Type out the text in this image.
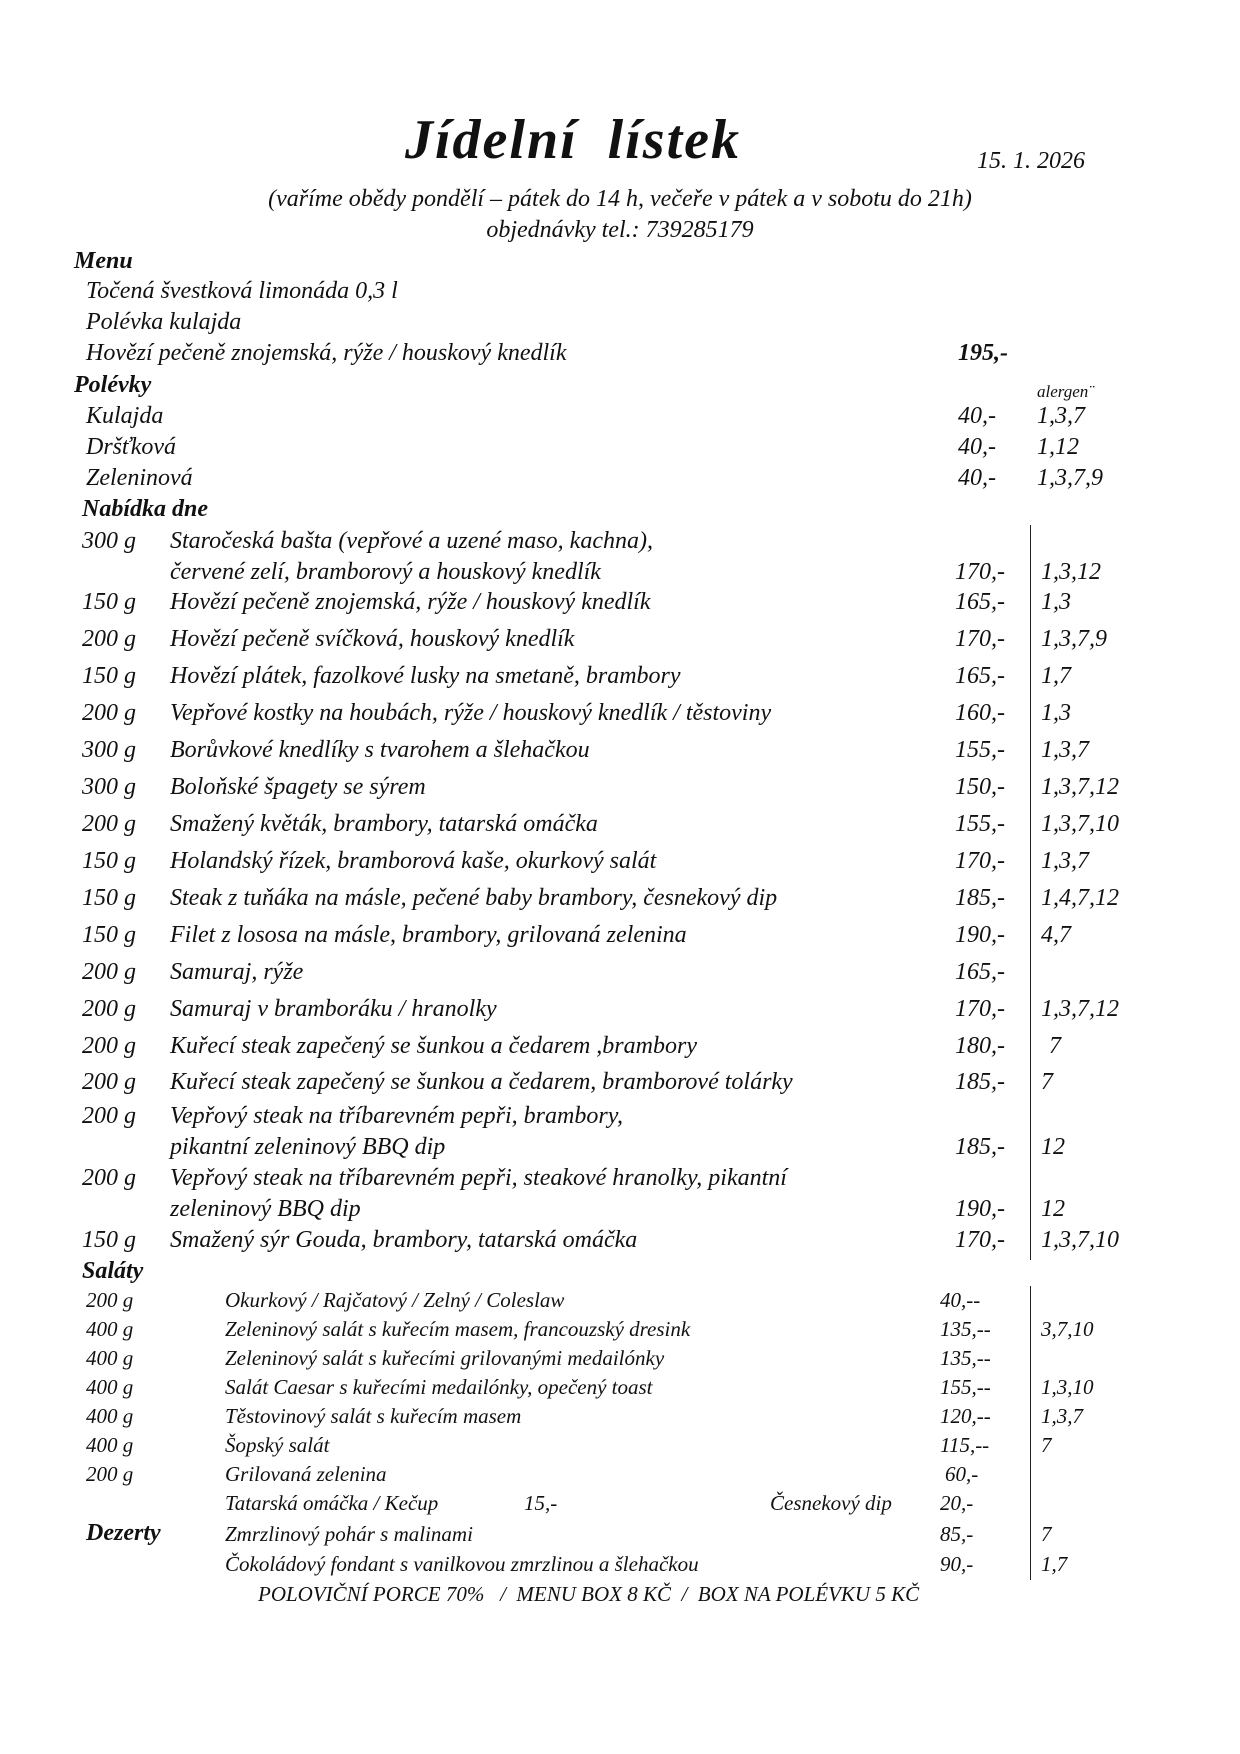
Jídelní lístek	15. 1. 2026
(vaříme obědy pondělí – pátek do 14 h, večeře v pátek a v sobotu do 21h)
objednávky tel.: 739285179
Menu
Točená švestková limonáda 0,3 l
Polévka kulajda
Hovězí pečeně znojemská, rýže / houskový knedlík	195,-
Polévky	alergen¨
Kulajda	40,- 1,3,7
Dršťková	40,- 1,12
Zeleninová	40,- 1,3,7,9
Nabídka dne
300 g Staročeská bašta (vepřové a uzené maso, kachna),
červené zelí, bramborový a houskový knedlík	170,- 1,3,12
150 g Hovězí pečeně znojemská, rýže / houskový knedlík	165,- 1,3
200 g Hovězí pečeně svíčková, houskový knedlík	170,- 1,3,7,9
150 g Hovězí plátek, fazolkové lusky na smetaně, brambory	165,- 1,7
200 g Vepřové kostky na houbách, rýže / houskový knedlík / těstoviny	160,- 1,3
300 g Borůvkové knedlíky s tvarohem a šlehačkou	155,- 1,3,7
300 g Boloňské špagety se sýrem	150,- 1,3,7,12
200 g Smažený květák, brambory, tatarská omáčka	155,- 1,3,7,10
150 g Holandský řízek, bramborová kaše, okurkový salát	170,- 1,3,7
150 g Steak z tuňáka na másle, pečené baby brambory, česnekový dip	185,- 1,4,7,12
150 g Filet z lososa na másle, brambory, grilovaná zelenina	190,- 4,7
200 g Samuraj, rýže	165,-
200 g Samuraj v bramboráku / hranolky	170,- 1,3,7,12
200 g Kuřecí steak zapečený se šunkou a čedarem ,brambory	180,- 7
200 g Kuřecí steak zapečený se šunkou a čedarem, bramborové tolárky	185,- 7
200 g Vepřový steak na tříbarevném pepři, brambory,
pikantní zeleninový BBQ dip	185,- 12
200 g Vepřový steak na tříbarevném pepři, steakové hranolky, pikantní
zeleninový BBQ dip	190,- 12
150 g Smažený sýr Gouda, brambory, tatarská omáčka	170,- 1,3,7,10
Saláty
200 g	Okurkový / Rajčatový / Zelný / Coleslaw	40,--
400 g	Zeleninový salát s kuřecím masem, francouzský dresink	135,-- 3,7,10
400 g	Zeleninový salát s kuřecími grilovanými medailónky	135,--
400 g	Salát Caesar s kuřecími medailónky, opečený toast	155,-- 1,3,10
400 g	Těstovinový salát s kuřecím masem	120,-- 1,3,7
400 g	Šopský salát	115,-- 7
200 g	Grilovaná zelenina	60,-
Tatarská omáčka / Kečup	15,-	Česnekový dip 20,-
Dezerty	Zmrzlinový pohár s malinami	85,-	7
Čokoládový fondant s vanilkovou zmrzlinou a šlehačkou	90,-	1,7
POLOVIČNÍ PORCE 70%   /  MENU BOX 8 KČ  /  BOX NA POLÉVKU 5 KČ
